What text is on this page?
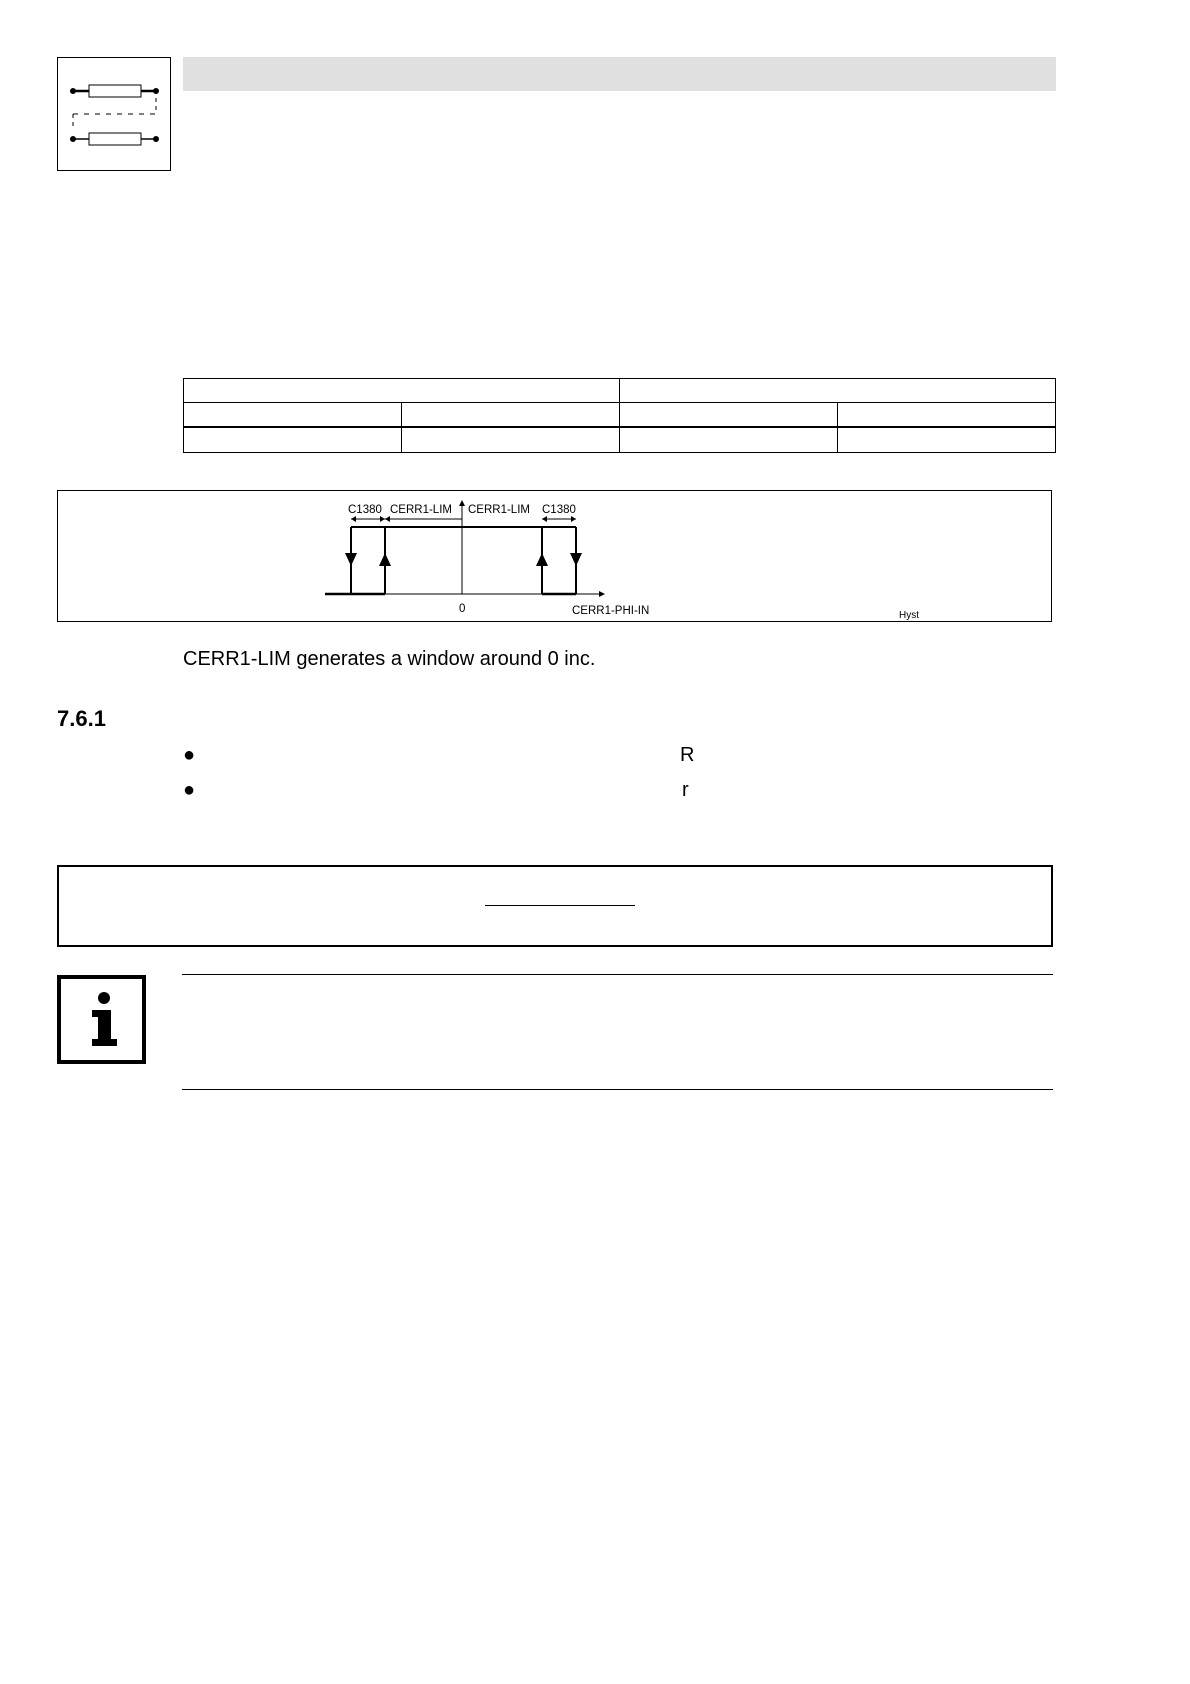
C1380 CERR1-LIM CERR1-LIM C1380
0	CERR1-PHI-IN	Hyst
CERR1-LIM generates a window around 0 inc.
7.6.1
●	R
●	r
